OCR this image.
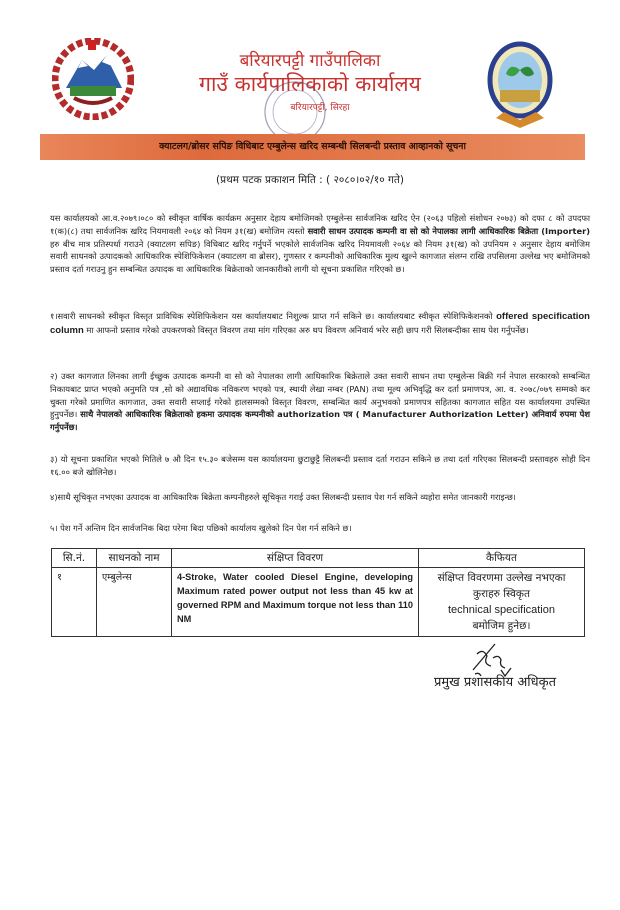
बरियारपट्टी गाउँपालिका
गाउँ कार्यपालिकाको कार्यालय
बरियारपट्टी, सिरहा
क्याटलग/ब्रोसर सपिङ विधिबाट एम्बुलेन्स खरिद सम्बन्धी सिलबन्दी प्रस्ताव आव्हानको सूचना
(प्रथम पटक प्रकाशन मिति : ( २०८०।०२/१० गते)
यस कार्यालयको आ.व.२०७९।०८० को स्वीकृत वार्षिक कार्यक्रम अनुसार देहाय बमोजिमको एम्बुलेन्स सार्वजनिक खरिद ऐन (२०६३ पहिलो संशोधन २०७३) को दफा ८ को उपदफा १(क)(८) तथा सार्वजनिक खरिद नियमावली २०६४ को नियम ३१(ख) बमोजिम त्यस्तो सवारी साधन उत्पादक कम्पनी वा सो को नेपालका लागी आधिकारिक बिक्रेता (Importer) हरु बीच मात्र प्रतिस्पर्धा गराउने (क्याटलग सपिङ) विधिबाट खरिद गर्नुपर्ने भएकोले सार्वजनिक खरिद नियमावली २०६४ को नियम ३१(ख) को उपनियम २ अनुसार देहाय बमोजिम सवारी साधनको उत्पादकको आधिकारिक स्पेशिफिकेशन (क्याटलग वा ब्रोसर), गुणस्तर र कम्पनीको आधिकारिक मुल्य खुल्ने कागजात संलग्न राखि तपसिलमा उल्लेख भए बमोजिमको प्रस्ताव दर्ता गराउनु हुन सम्बन्धित उत्पादक वा आधिकारिक बिक्रेताको जानकारीको लागी यो सूचना प्रकाशित गरिएको छ।
१।सवारी साधनको स्वीकृत विस्तृत प्राविधिक स्पेशिफिकेशन यस कार्यालयबाट निशुल्क प्राप्त गर्न सकिने छ। कार्यालयबाट स्वीकृत स्पेशिफिकेशनको offered specification column मा आफनो प्रस्ताव गरेको उपकरणको विस्तृत विवरण तथा मांग गरिएका अरु थप विवरण अनिवार्य भरेर सही छाप गरी सिलबन्दीका साथ पेश गर्नुपर्नेछ।
२) उक्त कागजात लिनका लागी ईच्छुक उत्पादक कम्पनी वा सो को नेपालका लागी आधिकारिक बिक्रेताले उक्त सवारी साधन तथा एम्बुलेन्स बिक्री गर्न नेपाल सरकारको सम्बन्धित निकायबाट प्राप्त भएको अनुमति पत्र ,सो को अद्यावधिक नविकरण भएको पत्र, स्थायी लेखा नम्बर (PAN) तथा मूल्य अभिवृद्धि कर दर्ता प्रमाणपत्र, आ. व. २०७८/०७९ सम्मको कर चुक्ता गरेको प्रमाणित कागजात, उक्त सवारी सप्लाई गरेको हालसम्मको विस्तृत विवरण, सम्बन्धित कार्य अनुभवको प्रमाणपत्र सहितका कागजात सहित यस कार्यालयमा उपस्थित हुनुपर्नेछ। साथै नेपालको आधिकारिक बिक्रेताको हकमा उत्पादक कम्पनीको authorization पत्र ( Manufacturer Authorization Letter) अनिवार्य रुपमा पेश गर्नुपर्नेछ।
३) यो सूचना प्रकाशित भएको मितिले ७ औ दिन १५.३० बजेसम्म यस कार्यालयमा छुटाछुट्टै सिलबन्दी प्रस्ताव दर्ता गराउन सकिने छ तथा दर्ता गरिएका सिलबन्दी प्रस्तावहरु सोही दिन १६.०० बजे खोलिनेछ।
४)साथै सूचिकृत नभएका उत्पादक वा आधिकारिक बिक्रेता कम्पनीहरुले सूचिकृत गराई उक्त सिलबन्दी प्रस्ताव पेश गर्न सकिने व्यहोरा समेत जानकारी गराइन्छ।
५। पेश गर्ने अन्तिम दिन सार्वजनिक बिदा परेमा बिदा पछिको कार्यालय खुलेको दिन पेश गर्न सकिने छ।
सि.नं.	साधनको नाम	संक्षिप्त विवरण	कैफियत
१	एम्बुलेन्स	4-Stroke, Water cooled Diesel Engine, developing Maximum rated power output not less than 45 kw at governed RPM and Maximum torque not less than 110 NM	संक्षिप्त विवरणमा उल्लेख नभएका कुराहरु स्विकृत
technical specification
बमोजिम हुनेछ।
प्रमुख प्रशासकीय अधिकृत
